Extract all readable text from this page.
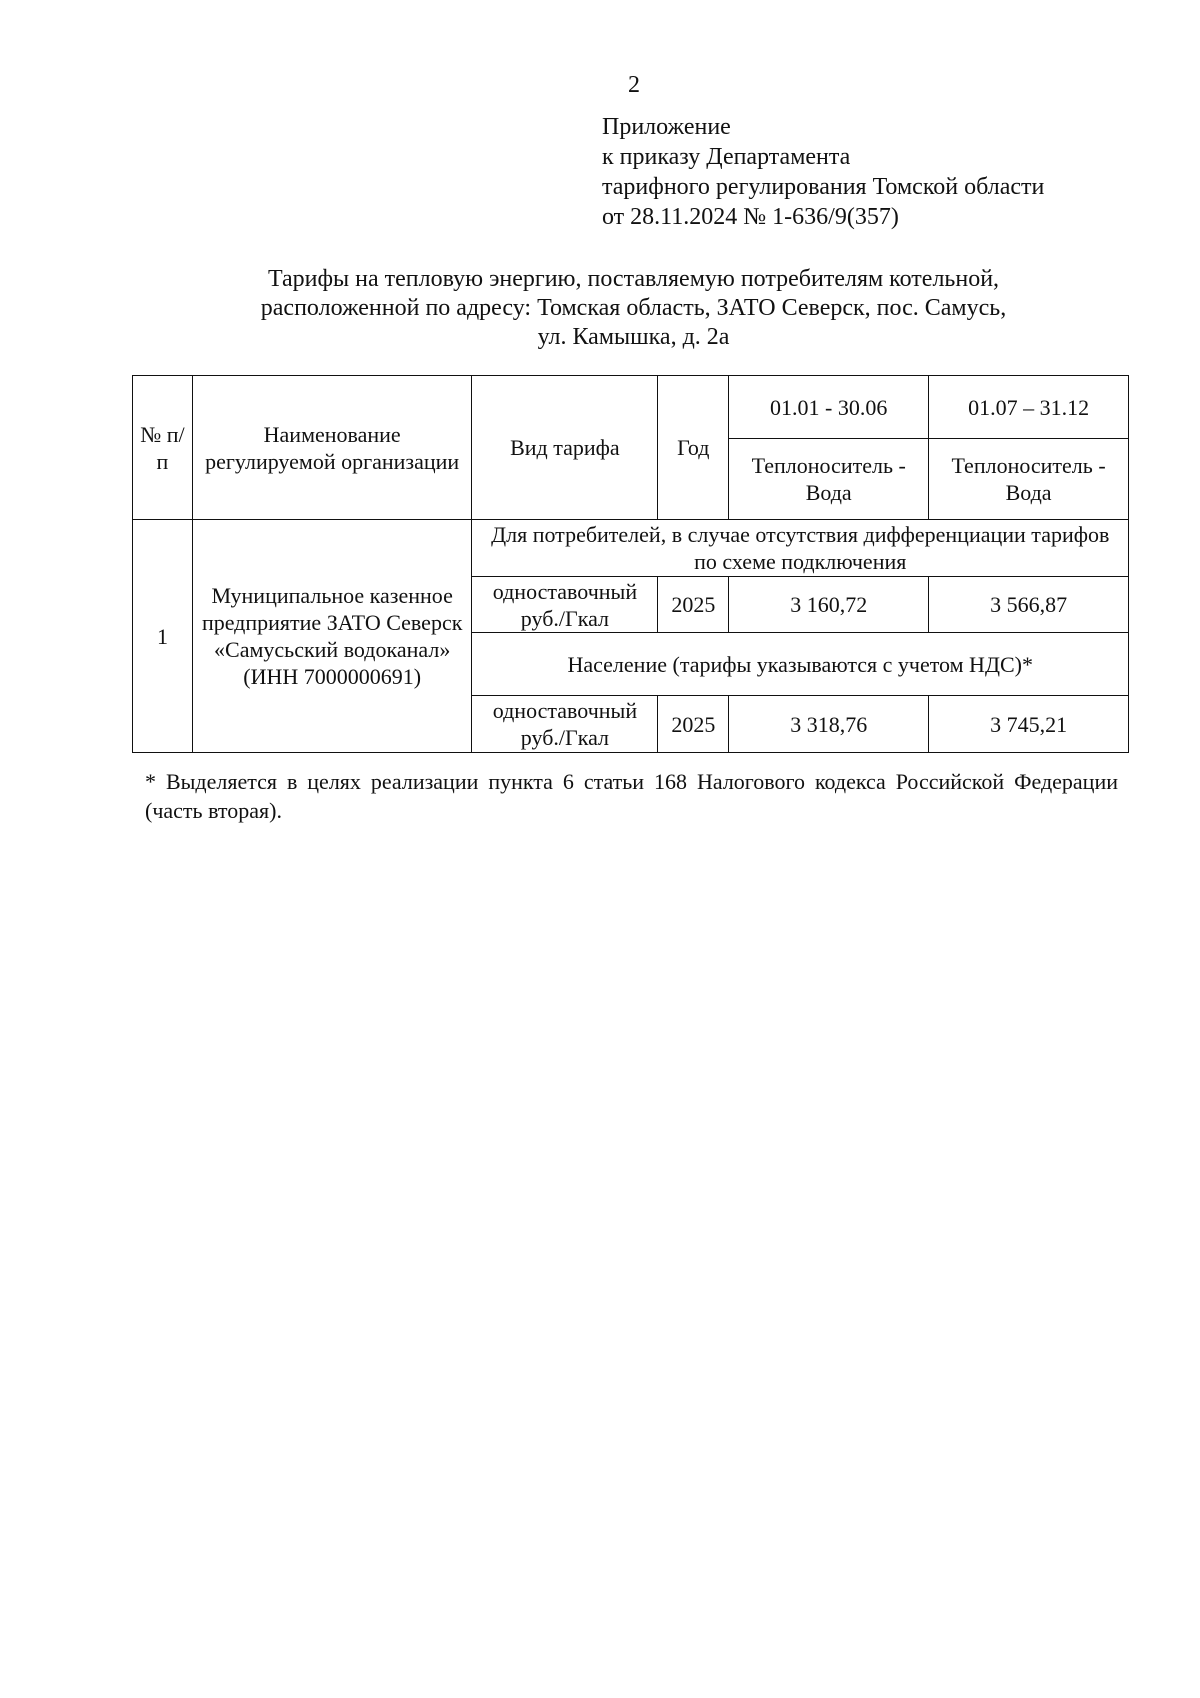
2
Приложение
к приказу Департамента
тарифного регулирования Томской области
от 28.11.2024 № 1-636/9(357)
Тарифы на тепловую энергию, поставляемую потребителям котельной,
расположенной по адресу: Томская область, ЗАТО Северск, пос. Самусь,
ул. Камышка, д. 2а
№ п/п	Наименование регулируемой организации	Вид тарифа	Год	01.01 - 30.06	01.07 – 31.12
				Теплоноситель - Вода	Теплоноситель - Вода
1	Муниципальное казенное предприятие ЗАТО Северск «Самусьский водоканал» (ИНН 7000000691)	Для потребителей, в случае отсутствия дифференциации тарифов по схеме подключения			
		одноставочный руб./Гкал	2025	3 160,72	3 566,87
		Население (тарифы указываются с учетом НДС)*			
		одноставочный руб./Гкал	2025	3 318,76	3 745,21
* Выделяется в целях реализации пункта 6 статьи 168 Налогового кодекса Российской Федерации (часть вторая).
